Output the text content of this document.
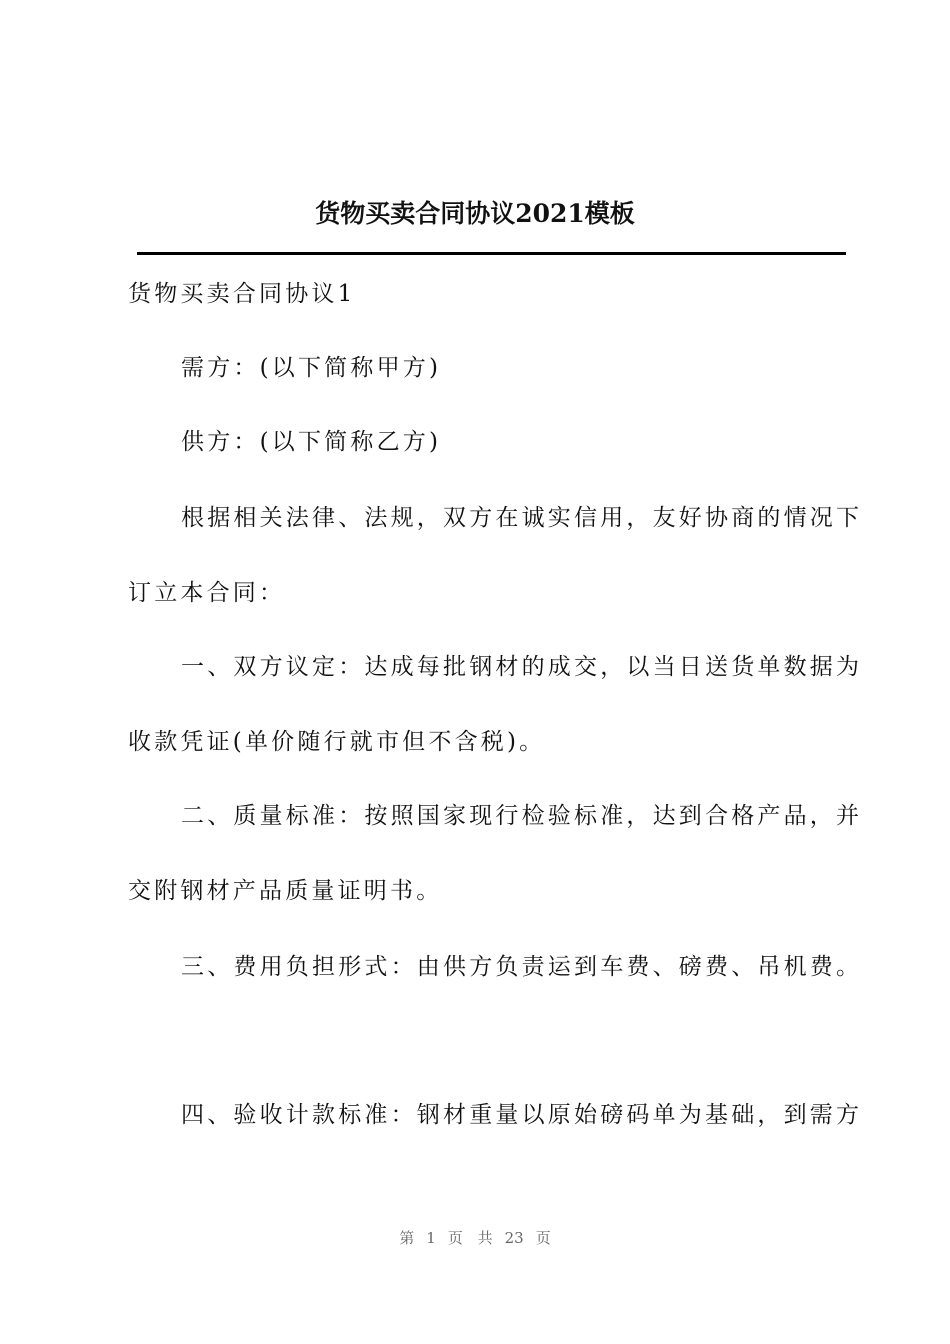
货物买卖合同协议2021模板
货物买卖合同协议1
需方：(以下简称甲方)
供方：(以下简称乙方)
根据相关法律、法规，双方在诚实信用，友好协商的情况下
订立本合同：
一、双方议定：达成每批钢材的成交，以当日送货单数据为
收款凭证(单价随行就市但不含税)。
二、质量标准：按照国家现行检验标准，达到合格产品，并
交附钢材产品质量证明书。
三、费用负担形式：由供方负责运到车费、磅费、吊机费。
四、验收计款标准：钢材重量以原始磅码单为基础，到需方
第 1 页 共 23 页
